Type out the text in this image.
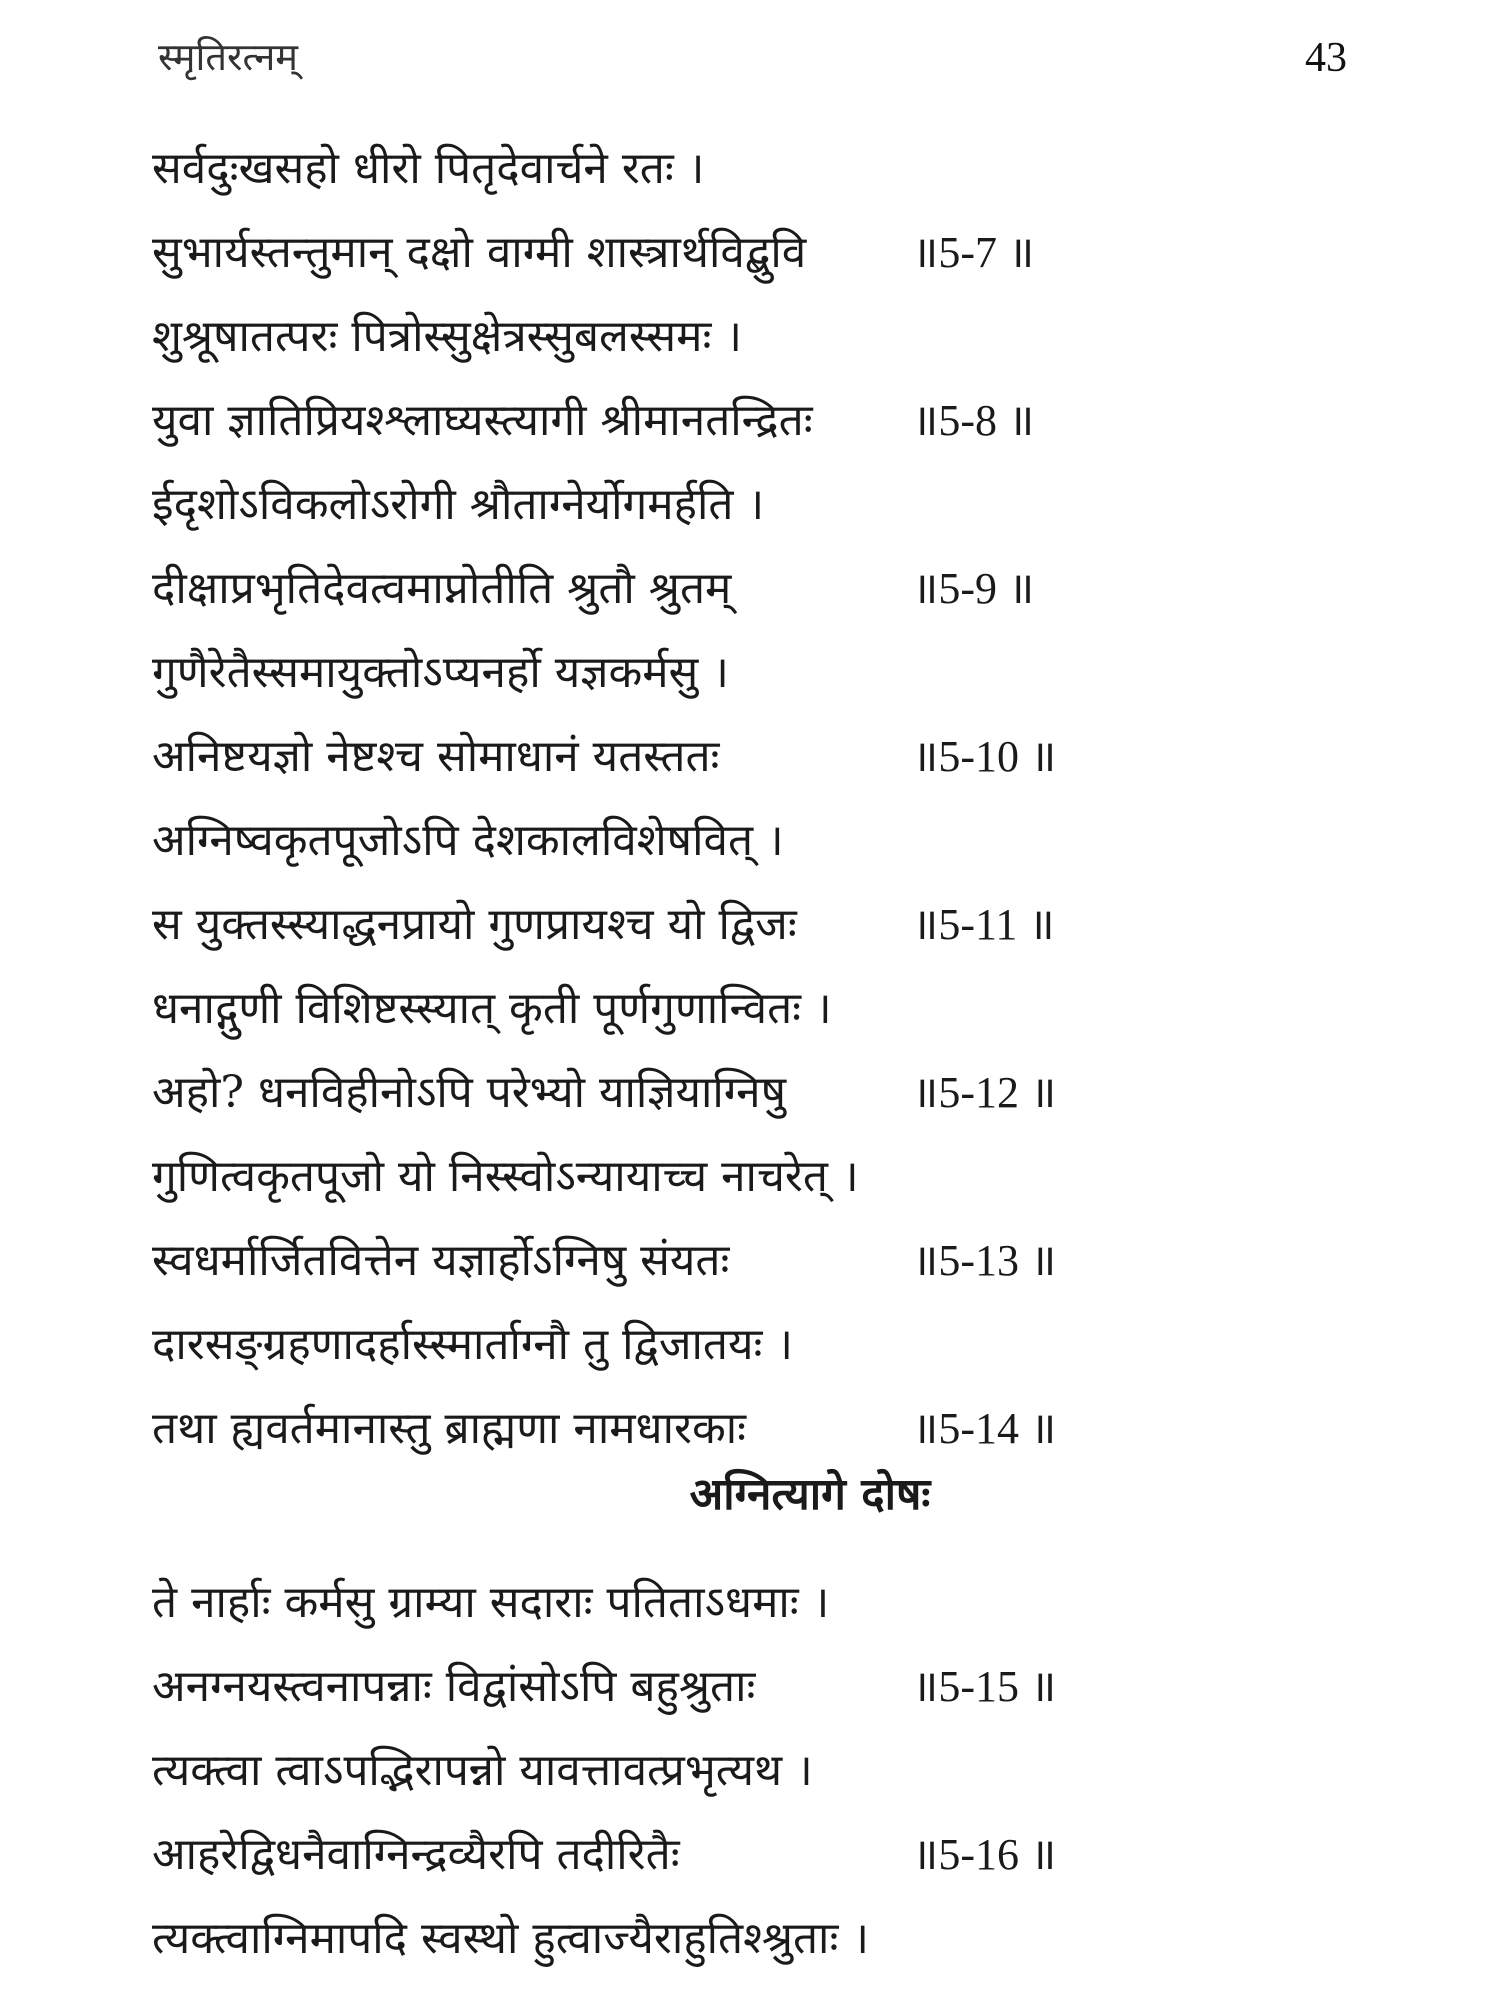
स्मृतिरत्नम्	43
सर्वदुःखसहो धीरो पितृदेवार्चने रतः ।
सुभार्यस्तन्तुमान् दक्षो वाग्मी शास्त्रार्थविद्बुवि ॥5-7 ॥
शुश्रूषातत्परः पित्रोस्सुक्षेत्रस्सुबलस्समः ।
युवा ज्ञातिप्रियश्श्लाघ्यस्त्यागी श्रीमानतन्द्रितः ॥5-8 ॥
ईदृशोऽविकलोऽरोगी श्रौताग्नेर्योगमर्हति ।
दीक्षाप्रभृतिदेवत्वमाप्नोतीति श्रुतौ श्रुतम्	॥5-9 ॥
गुणैरेतैस्समायुक्तोऽप्यनर्हो यज्ञकर्मसु ।
अनिष्टयज्ञो नेष्टश्च सोमाधानं यतस्ततः	॥5-10 ॥
अग्निष्वकृतपूजोऽपि देशकालविशेषवित् ।
स युक्तस्स्याद्धनप्रायो गुणप्रायश्च यो द्विजः	॥5-11 ॥
धनाद्गुणी विशिष्टस्स्यात् कृती पूर्णगुणान्वितः ।
अहो? धनविहीनोऽपि परेभ्यो याज्ञियाग्निषु	॥5-12 ॥
गुणित्वकृतपूजो यो निस्स्वोऽन्यायाच्च नाचरेत् ।
स्वधर्मार्जितवित्तेन यज्ञार्होऽग्निषु संयतः	॥5-13 ॥
दारसङ्ग्रहणादर्हास्स्मार्ताग्नौ तु द्विजातयः ।
तथा ह्यवर्तमानास्तु ब्राह्मणा नामधारकाः	॥5-14 ॥
अग्नित्यागे दोषः
ते नार्हाः कर्मसु ग्राम्या सदाराः पतिताऽधमाः ।
अनग्नयस्त्वनापन्नाः विद्वांसोऽपि बहुश्रुताः	॥5-15 ॥
त्यक्त्वा त्वाऽपद्भिरापन्नो यावत्तावत्प्रभृत्यथ ।
आहरेद्विधनैवाग्निन्द्रव्यैरपि तदीरितैः	॥5-16 ॥
त्यक्त्वाग्निमापदि स्वस्थो हुत्वाज्यैराहुतिश्श्रुताः ।
